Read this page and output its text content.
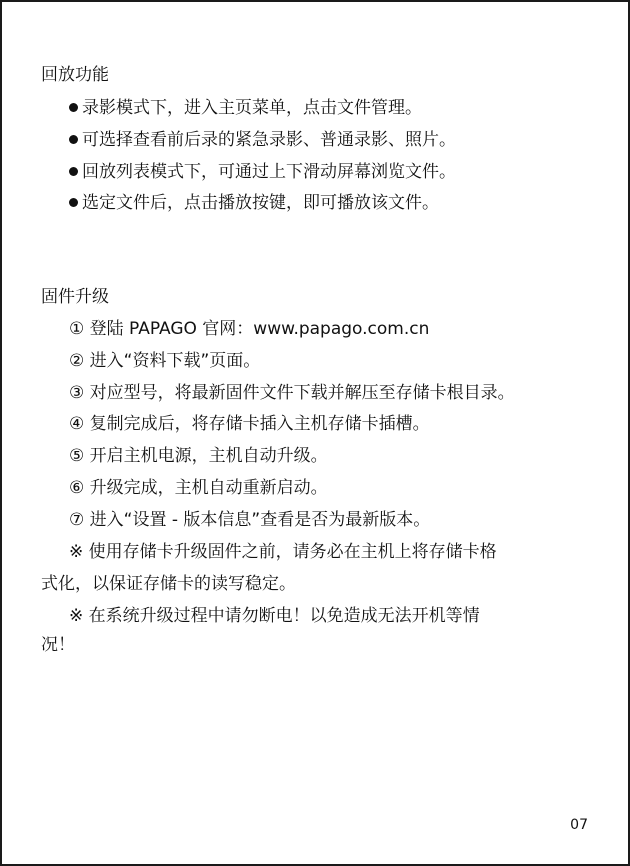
回放功能
录影模式下，进入主页菜单，点击文件管理。
可选择查看前后录的紧急录影、普通录影、照片。
回放列表模式下，可通过上下滑动屏幕浏览文件。
选定文件后，点击播放按键，即可播放该文件。
固件升级
① 登陆 PAPAGO 官网：www.papago.com.cn
② 进入“资料下载”页面。
③ 对应型号，将最新固件文件下载并解压至存储卡根目录。
④ 复制完成后，将存储卡插入主机存储卡插槽。
⑤ 开启主机电源，主机自动升级。
⑥ 升级完成，主机自动重新启动。
⑦ 进入“设置 - 版本信息”查看是否为最新版本。
※ 使用存储卡升级固件之前，请务必在主机上将存储卡格
式化，以保证存储卡的读写稳定。
※ 在系统升级过程中请勿断电！以免造成无法开机等情
况！
07
